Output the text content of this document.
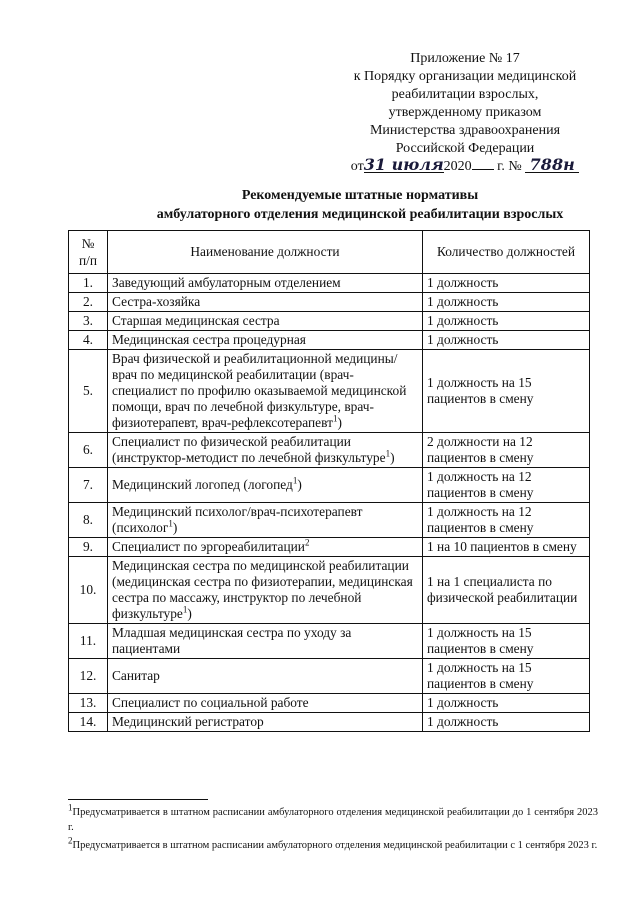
Приложение № 17
к Порядку организации медицинской
реабилитации взрослых,
утвержденному приказом
Министерства здравоохранения
Российской Федерации
от31 июля2020 г. № 788н
Рекомендуемые штатные нормативы
амбулаторного отделения медицинской реабилитации взрослых
№
п/п	Наименование должности	Количество должностей
1.	Заведующий амбулаторным отделением	1 должность
2.	Сестра-хозяйка	1 должность
3.	Старшая медицинская сестра	1 должность
4.	Медицинская сестра процедурная	1 должность
5.	Врач физической и реабилитационной медицины/врач по медицинской реабилитации (врач-специалист по профилю оказываемой медицинской помощи, врач по лечебной физкультуре, врач-физиотерапевт, врач-рефлексотерапевт$^1$)	1 должность на 15 пациентов в смену
6.	Специалист по физической реабилитации (инструктор-методист по лечебной физкультуре$^1$)	2 должности на 12 пациентов в смену
7.	Медицинский логопед (логопед$^1$)	1 должность на 12 пациентов в смену
8.	Медицинский психолог/врач-психотерапевт (психолог$^1$)	1 должность на 12 пациентов в смену
9.	Специалист по эргореабилитации$^2$	1 на 10 пациентов в смену
10.	Медицинская сестра по медицинской реабилитации (медицинская сестра по физиотерапии, медицинская сестра по массажу, инструктор по лечебной физкультуре$^1$)	1 на 1 специалиста по физической реабилитации
11.	Младшая медицинская сестра по уходу за пациентами	1 должность на 15 пациентов в смену
12.	Санитар	1 должность на 15 пациентов в смену
13.	Специалист по социальной работе	1 должность
14.	Медицинский регистратор	1 должность

$^1$Предусматривается в штатном расписании амбулаторного отделения медицинской реабилитации до 1 сентября 2023 г.

$^2$Предусматривается в штатном расписании амбулаторного отделения медицинской реабилитации с 1 сентября 2023 г.
